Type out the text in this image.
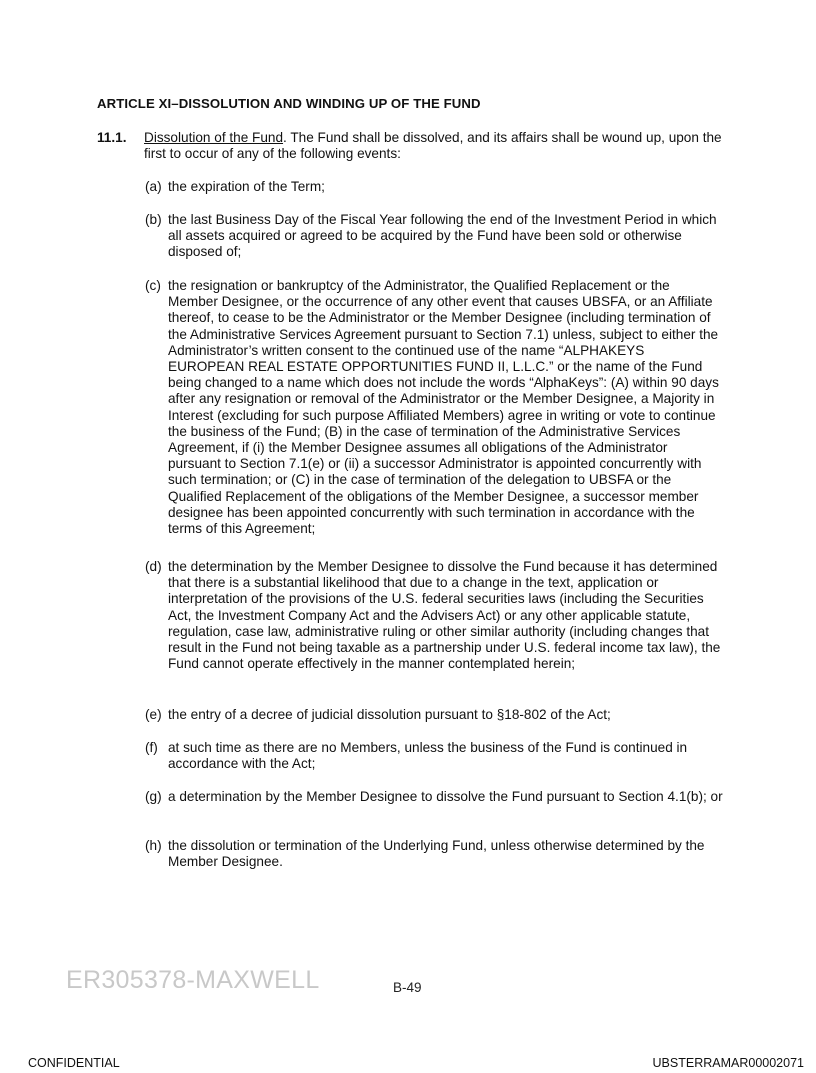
ARTICLE XI–DISSOLUTION AND WINDING UP OF THE FUND
11.1. Dissolution of the Fund. The Fund shall be dissolved, and its affairs shall be wound up, upon the first to occur of any of the following events:
(a) the expiration of the Term;
(b) the last Business Day of the Fiscal Year following the end of the Investment Period in which all assets acquired or agreed to be acquired by the Fund have been sold or otherwise disposed of;
(c) the resignation or bankruptcy of the Administrator, the Qualified Replacement or the Member Designee, or the occurrence of any other event that causes UBSFA, or an Affiliate thereof, to cease to be the Administrator or the Member Designee (including termination of the Administrative Services Agreement pursuant to Section 7.1) unless, subject to either the Administrator’s written consent to the continued use of the name “ALPHAKEYS EUROPEAN REAL ESTATE OPPORTUNITIES FUND II, L.L.C.” or the name of the Fund being changed to a name which does not include the words “AlphaKeys”: (A) within 90 days after any resignation or removal of the Administrator or the Member Designee, a Majority in Interest (excluding for such purpose Affiliated Members) agree in writing or vote to continue the business of the Fund; (B) in the case of termination of the Administrative Services Agreement, if (i) the Member Designee assumes all obligations of the Administrator pursuant to Section 7.1(e) or (ii) a successor Administrator is appointed concurrently with such termination; or (C) in the case of termination of the delegation to UBSFA or the Qualified Replacement of the obligations of the Member Designee, a successor member designee has been appointed concurrently with such termination in accordance with the terms of this Agreement;
(d) the determination by the Member Designee to dissolve the Fund because it has determined that there is a substantial likelihood that due to a change in the text, application or interpretation of the provisions of the U.S. federal securities laws (including the Securities Act, the Investment Company Act and the Advisers Act) or any other applicable statute, regulation, case law, administrative ruling or other similar authority (including changes that result in the Fund not being taxable as a partnership under U.S. federal income tax law), the Fund cannot operate effectively in the manner contemplated herein;
(e) the entry of a decree of judicial dissolution pursuant to §18-802 of the Act;
(f) at such time as there are no Members, unless the business of the Fund is continued in accordance with the Act;
(g) a determination by the Member Designee to dissolve the Fund pursuant to Section 4.1(b); or
(h) the dissolution or termination of the Underlying Fund, unless otherwise determined by the Member Designee.
ER305378-MAXWELL	B-49
CONFIDENTIAL	UBSTERRAMAR00002071
